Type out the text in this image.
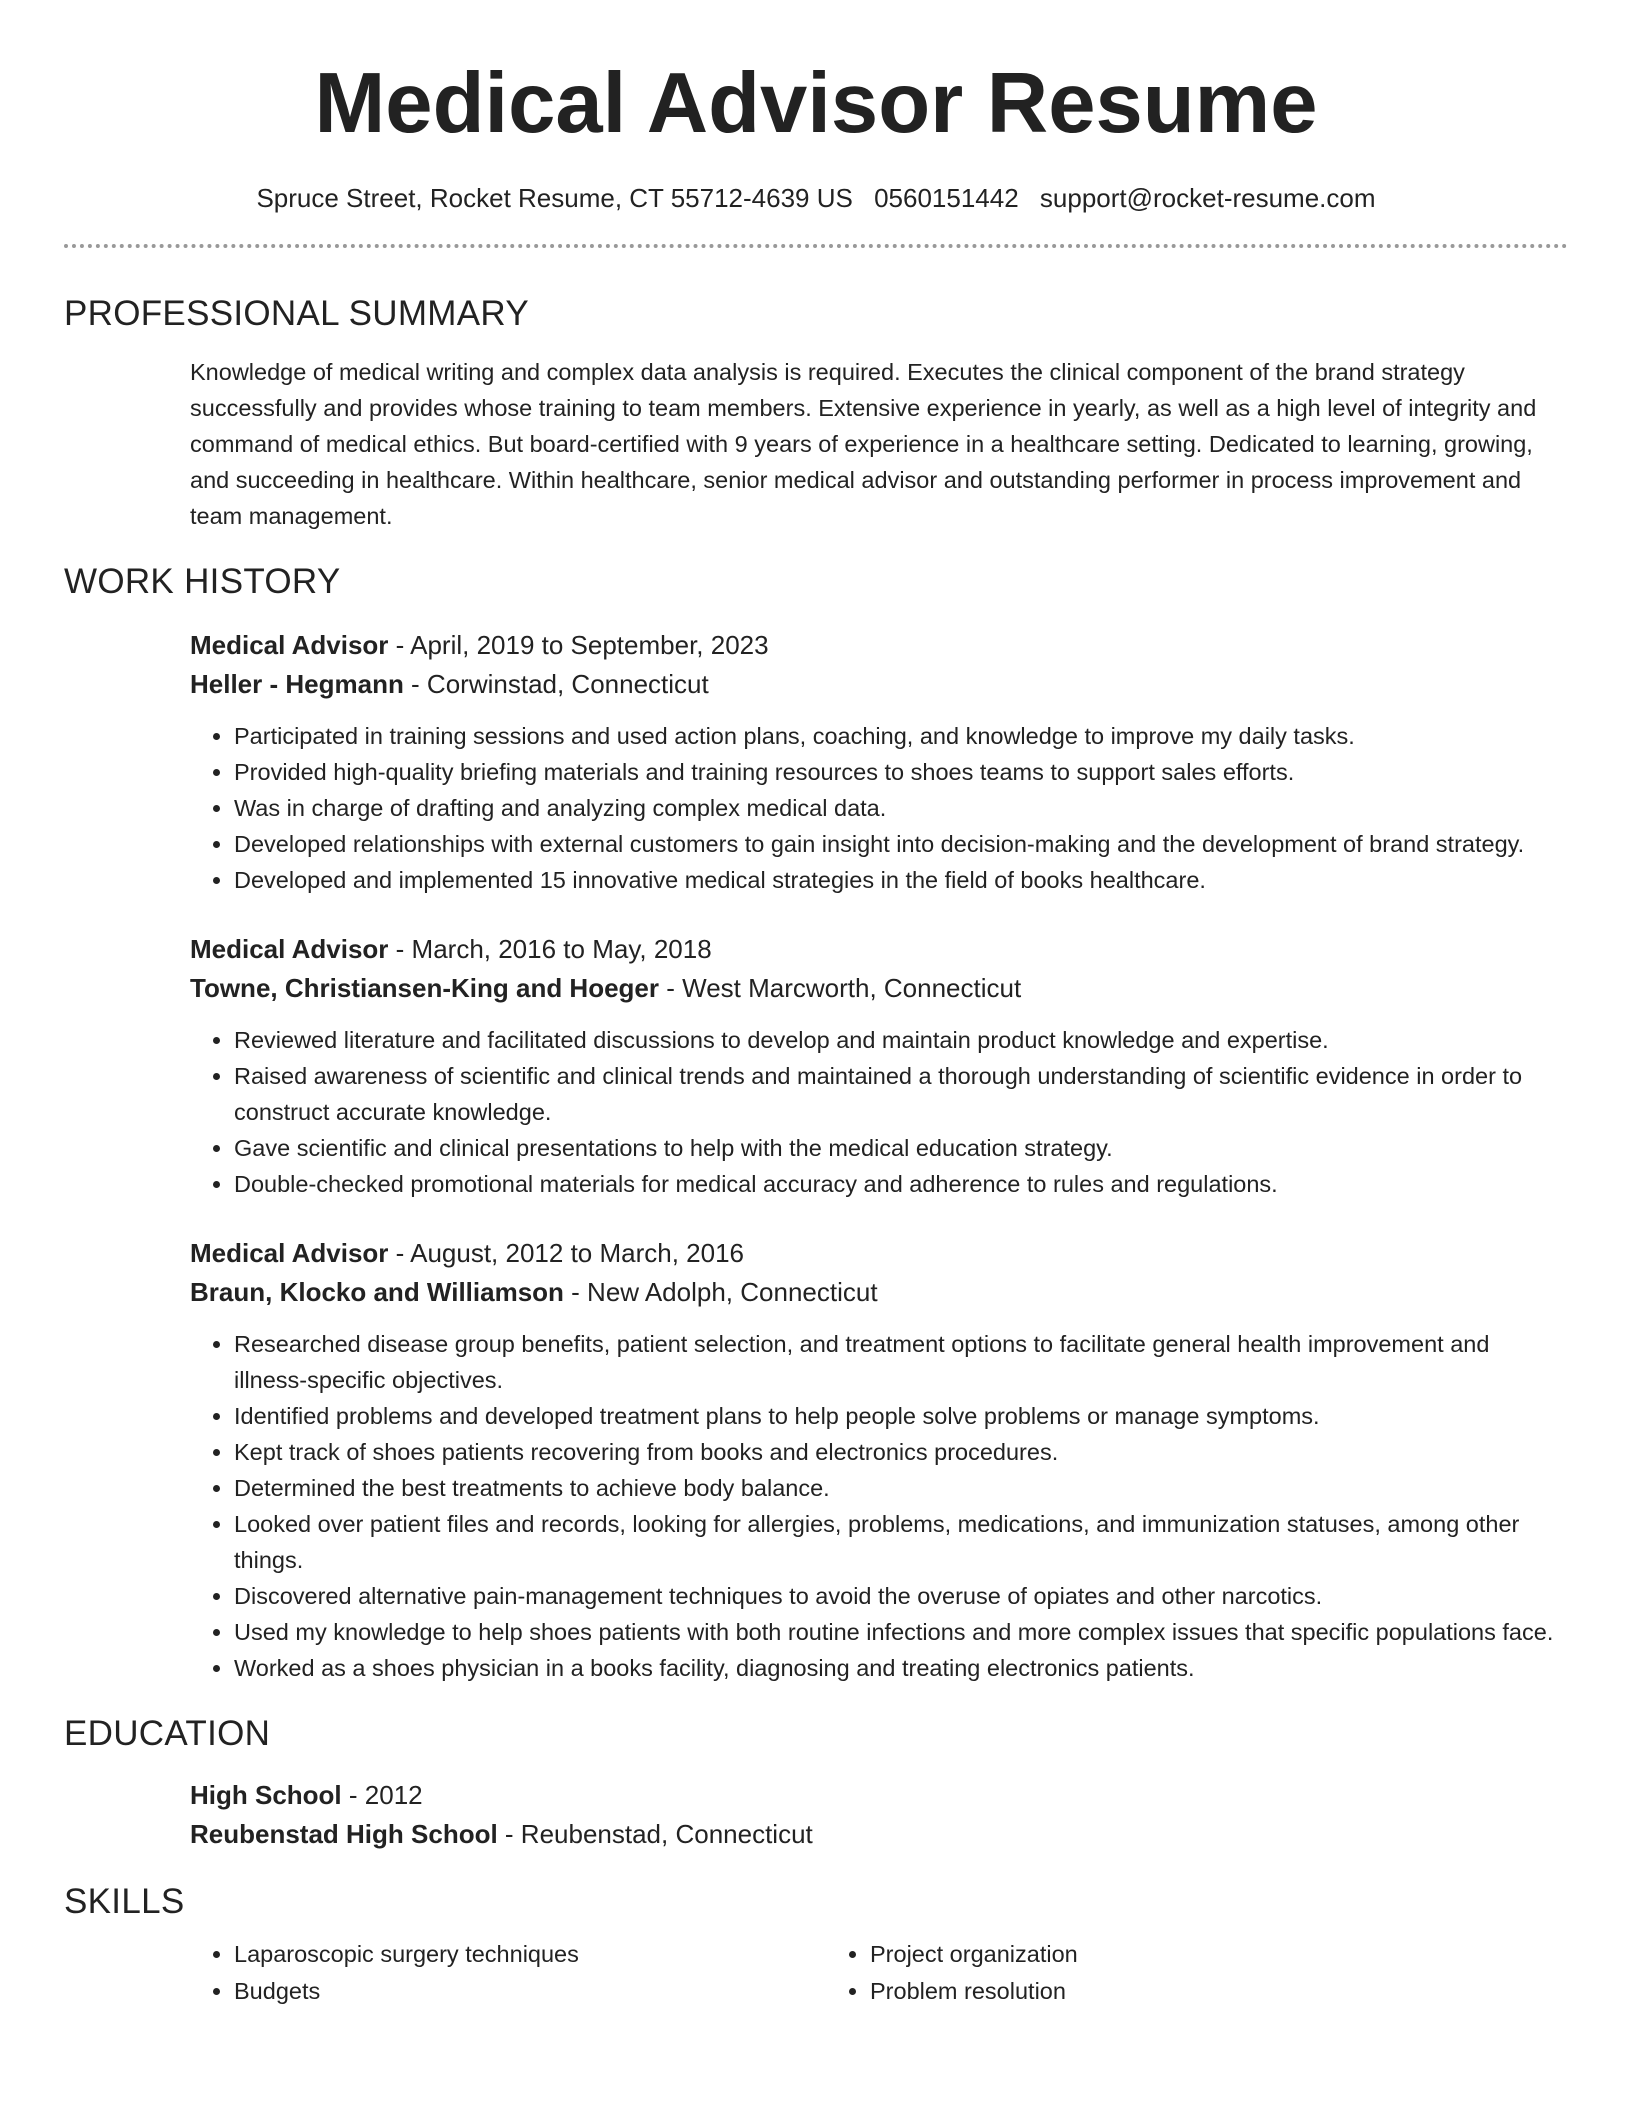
Medical Advisor Resume
Spruce Street, Rocket Resume, CT 55712-4639 US 0560151442 support@rocket-resume.com
PROFESSIONAL SUMMARY
Knowledge of medical writing and complex data analysis is required. Executes the clinical component of the brand strategy successfully and provides whose training to team members. Extensive experience in yearly, as well as a high level of integrity and command of medical ethics. But board-certified with 9 years of experience in a healthcare setting. Dedicated to learning, growing, and succeeding in healthcare. Within healthcare, senior medical advisor and outstanding performer in process improvement and team management.
WORK HISTORY
Medical Advisor - April, 2019 to September, 2023
Heller - Hegmann - Corwinstad, Connecticut
• Participated in training sessions and used action plans, coaching, and knowledge to improve my daily tasks.
• Provided high-quality briefing materials and training resources to shoes teams to support sales efforts.
• Was in charge of drafting and analyzing complex medical data.
• Developed relationships with external customers to gain insight into decision-making and the development of brand strategy.
• Developed and implemented 15 innovative medical strategies in the field of books healthcare.
Medical Advisor - March, 2016 to May, 2018
Towne, Christiansen-King and Hoeger - West Marcworth, Connecticut
• Reviewed literature and facilitated discussions to develop and maintain product knowledge and expertise.
• Raised awareness of scientific and clinical trends and maintained a thorough understanding of scientific evidence in order to construct accurate knowledge.
• Gave scientific and clinical presentations to help with the medical education strategy.
• Double-checked promotional materials for medical accuracy and adherence to rules and regulations.
Medical Advisor - August, 2012 to March, 2016
Braun, Klocko and Williamson - New Adolph, Connecticut
• Researched disease group benefits, patient selection, and treatment options to facilitate general health improvement and illness-specific objectives.
• Identified problems and developed treatment plans to help people solve problems or manage symptoms.
• Kept track of shoes patients recovering from books and electronics procedures.
• Determined the best treatments to achieve body balance.
• Looked over patient files and records, looking for allergies, problems, medications, and immunization statuses, among other things.
• Discovered alternative pain-management techniques to avoid the overuse of opiates and other narcotics.
• Used my knowledge to help shoes patients with both routine infections and more complex issues that specific populations face.
• Worked as a shoes physician in a books facility, diagnosing and treating electronics patients.
EDUCATION
High School - 2012
Reubenstad High School - Reubenstad, Connecticut
SKILLS
• Laparoscopic surgery techniques
• Budgets
• Project organization
• Problem resolution
